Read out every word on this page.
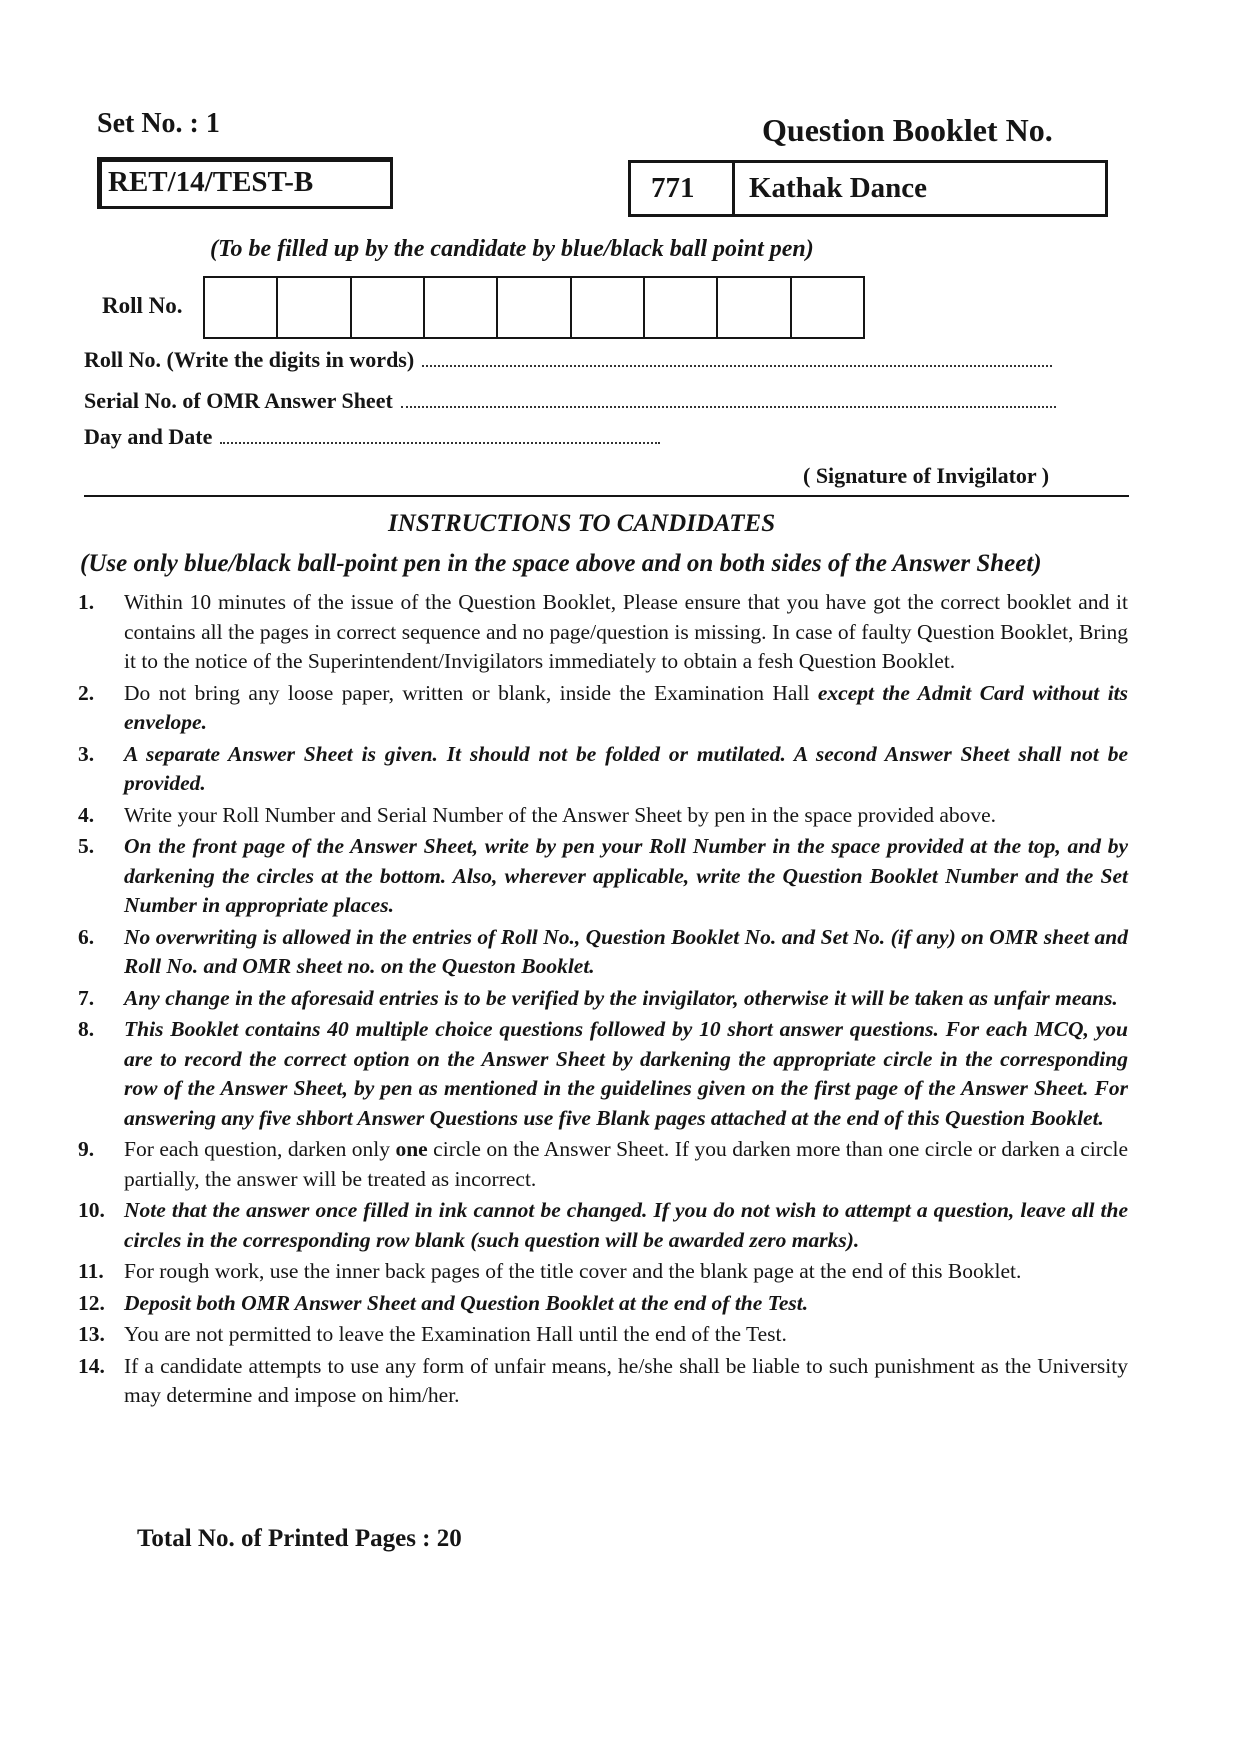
Set No. : 1
RET/14/TEST-B
Question Booklet No.
771	Kathak Dance
(To be filled up by the candidate by blue/black ball point pen)
Roll No.
Roll No. (Write the digits in words)
Serial No. of OMR Answer Sheet
Day and Date
( Signature of Invigilator )
INSTRUCTIONS TO CANDIDATES
(Use only blue/black ball-point pen in the space above and on both sides of the Answer Sheet)
1.	Within 10 minutes of the issue of the Question Booklet, Please ensure that you have got the correct booklet and it contains all the pages in correct sequence and no page/question is missing. In case of faulty Question Booklet, Bring it to the notice of the Superintendent/Invigilators immediately to obtain a fesh Question Booklet.
2.	Do not bring any loose paper, written or blank, inside the Examination Hall except the Admit Card without its envelope.
3.	A separate Answer Sheet is given. It should not be folded or mutilated. A second Answer Sheet shall not be provided.
4.	Write your Roll Number and Serial Number of the Answer Sheet by pen in the space provided above.
5.	On the front page of the Answer Sheet, write by pen your Roll Number in the space provided at the top, and by darkening the circles at the bottom. Also, wherever applicable, write the Question Booklet Number and the Set Number in appropriate places.
6.	No overwriting is allowed in the entries of Roll No., Question Booklet No. and Set No. (if any) on OMR sheet and Roll No. and OMR sheet no. on the Queston Booklet.
7.	Any change in the aforesaid entries is to be verified by the invigilator, otherwise it will be taken as unfair means.
8.	This Booklet contains 40 multiple choice questions followed by 10 short answer questions. For each MCQ, you are to record the correct option on the Answer Sheet by darkening the appropriate circle in the corresponding row of the Answer Sheet, by pen as mentioned in the guidelines given on the first page of the Answer Sheet. For answering any five shbort Answer Questions use five Blank pages attached at the end of this Question Booklet.
9.	For each question, darken only one circle on the Answer Sheet. If you darken more than one circle or darken a circle partially, the answer will be treated as incorrect.
10. Note that the answer once filled in ink cannot be changed. If you do not wish to attempt a question, leave all the circles in the corresponding row blank (such question will be awarded zero marks).
11. For rough work, use the inner back pages of the title cover and the blank page at the end of this Booklet.
12. Deposit both OMR Answer Sheet and Question Booklet at the end of the Test.
13. You are not permitted to leave the Examination Hall until the end of the Test.
14. If a candidate attempts to use any form of unfair means, he/she shall be liable to such punishment as the University may determine and impose on him/her.
Total No. of Printed Pages : 20
